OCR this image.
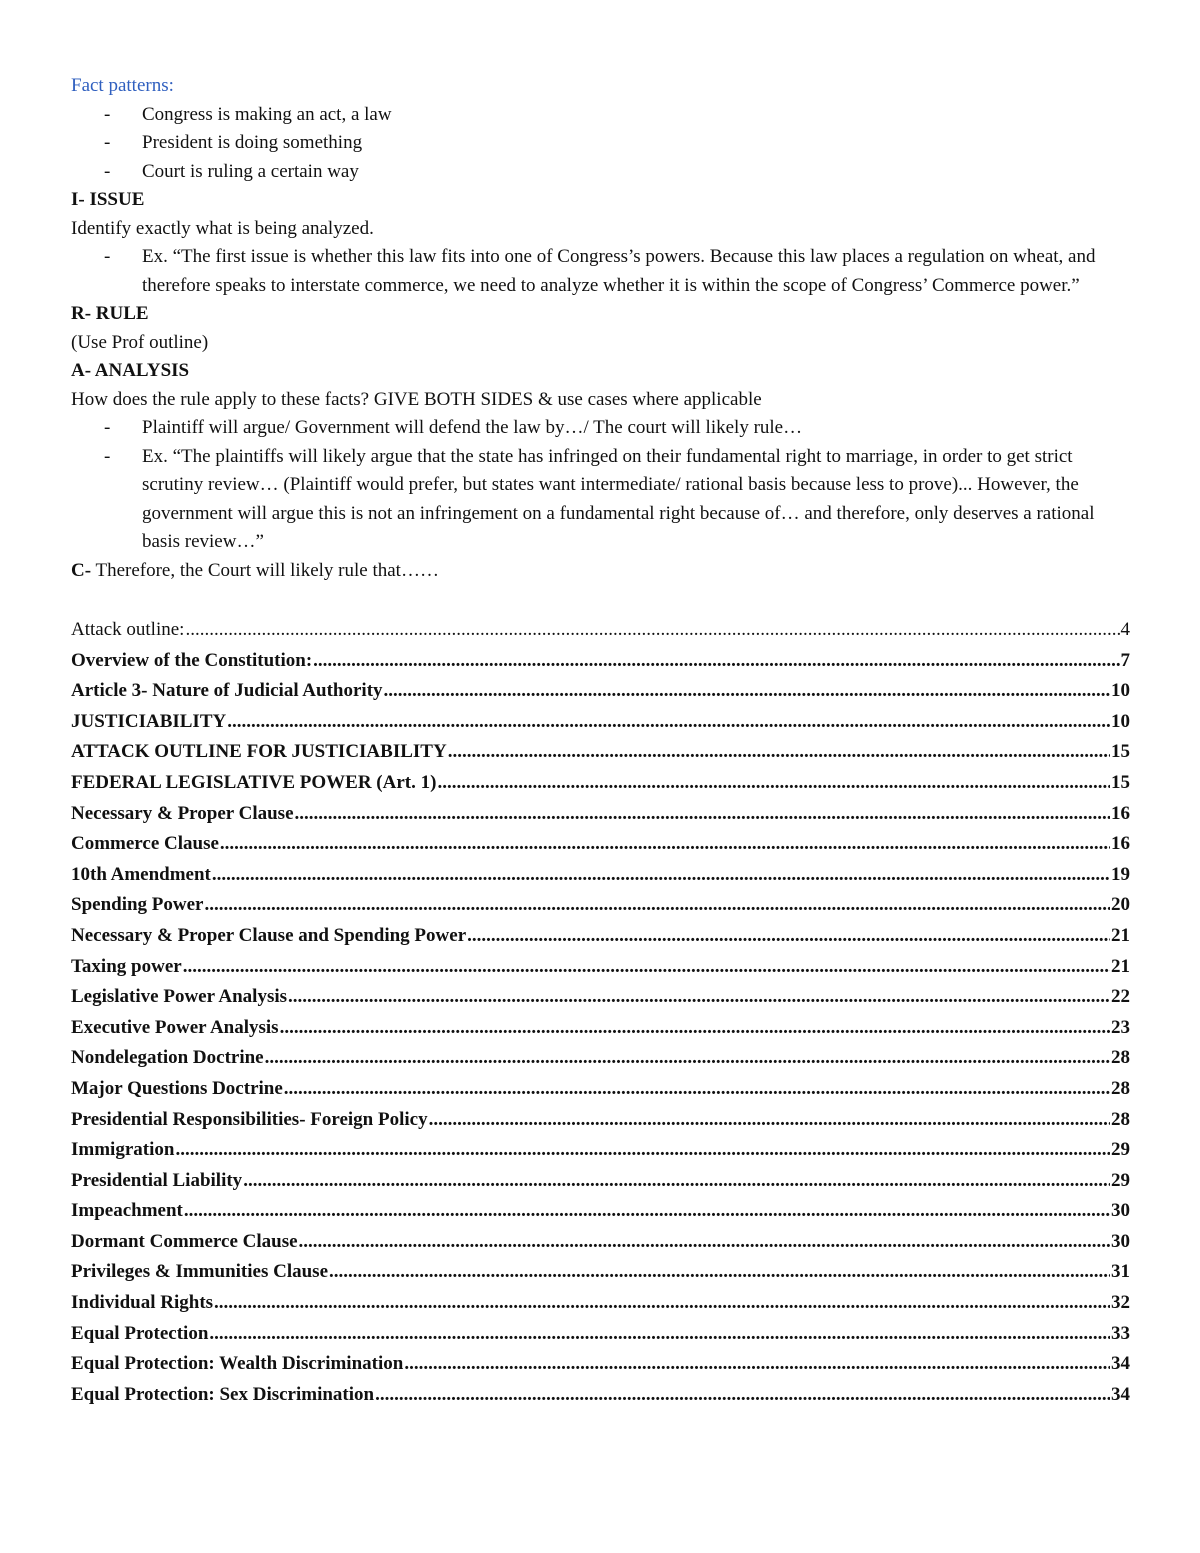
Fact patterns:
- Congress is making an act, a law
- President is doing something
- Court is ruling a certain way
I- ISSUE
Identify exactly what is being analyzed.
- Ex. “The first issue is whether this law fits into one of Congress’s powers. Because this law places a regulation on wheat, and therefore speaks to interstate commerce, we need to analyze whether it is within the scope of Congress’ Commerce power.”
R- RULE
(Use Prof outline)
A- ANALYSIS
How does the rule apply to these facts? GIVE BOTH SIDES & use cases where applicable
- Plaintiff will argue/ Government will defend the law by…/ The court will likely rule…
- Ex. “The plaintiffs will likely argue that the state has infringed on their fundamental right to marriage, in order to get strict scrutiny review… (Plaintiff would prefer, but states want intermediate/ rational basis because less to prove)... However, the government will argue this is not an infringement on a fundamental right because of… and therefore, only deserves a rational basis review…”
C- Therefore, the Court will likely rule that……
Attack outline: .....	4
Overview of the Constitution: .....	7
Article 3- Nature of Judicial Authority .....	10
JUSTICIABILITY .....	10
ATTACK OUTLINE FOR JUSTICIABILITY .....	15
FEDERAL LEGISLATIVE POWER (Art. 1) .....	15
Necessary & Proper Clause .....	16
Commerce Clause .....	16
10th Amendment .....	19
Spending Power .....	20
Necessary & Proper Clause and Spending Power .....	21
Taxing power .....	21
Legislative Power Analysis .....	22
Executive Power Analysis .....	23
Nondelegation Doctrine .....	28
Major Questions Doctrine .....	28
Presidential Responsibilities- Foreign Policy .....	28
Immigration .....	29
Presidential Liability .....	29
Impeachment .....	30
Dormant Commerce Clause .....	30
Privileges & Immunities Clause .....	31
Individual Rights .....	32
Equal Protection .....	33
Equal Protection: Wealth Discrimination .....	34
Equal Protection: Sex Discrimination .....	34
